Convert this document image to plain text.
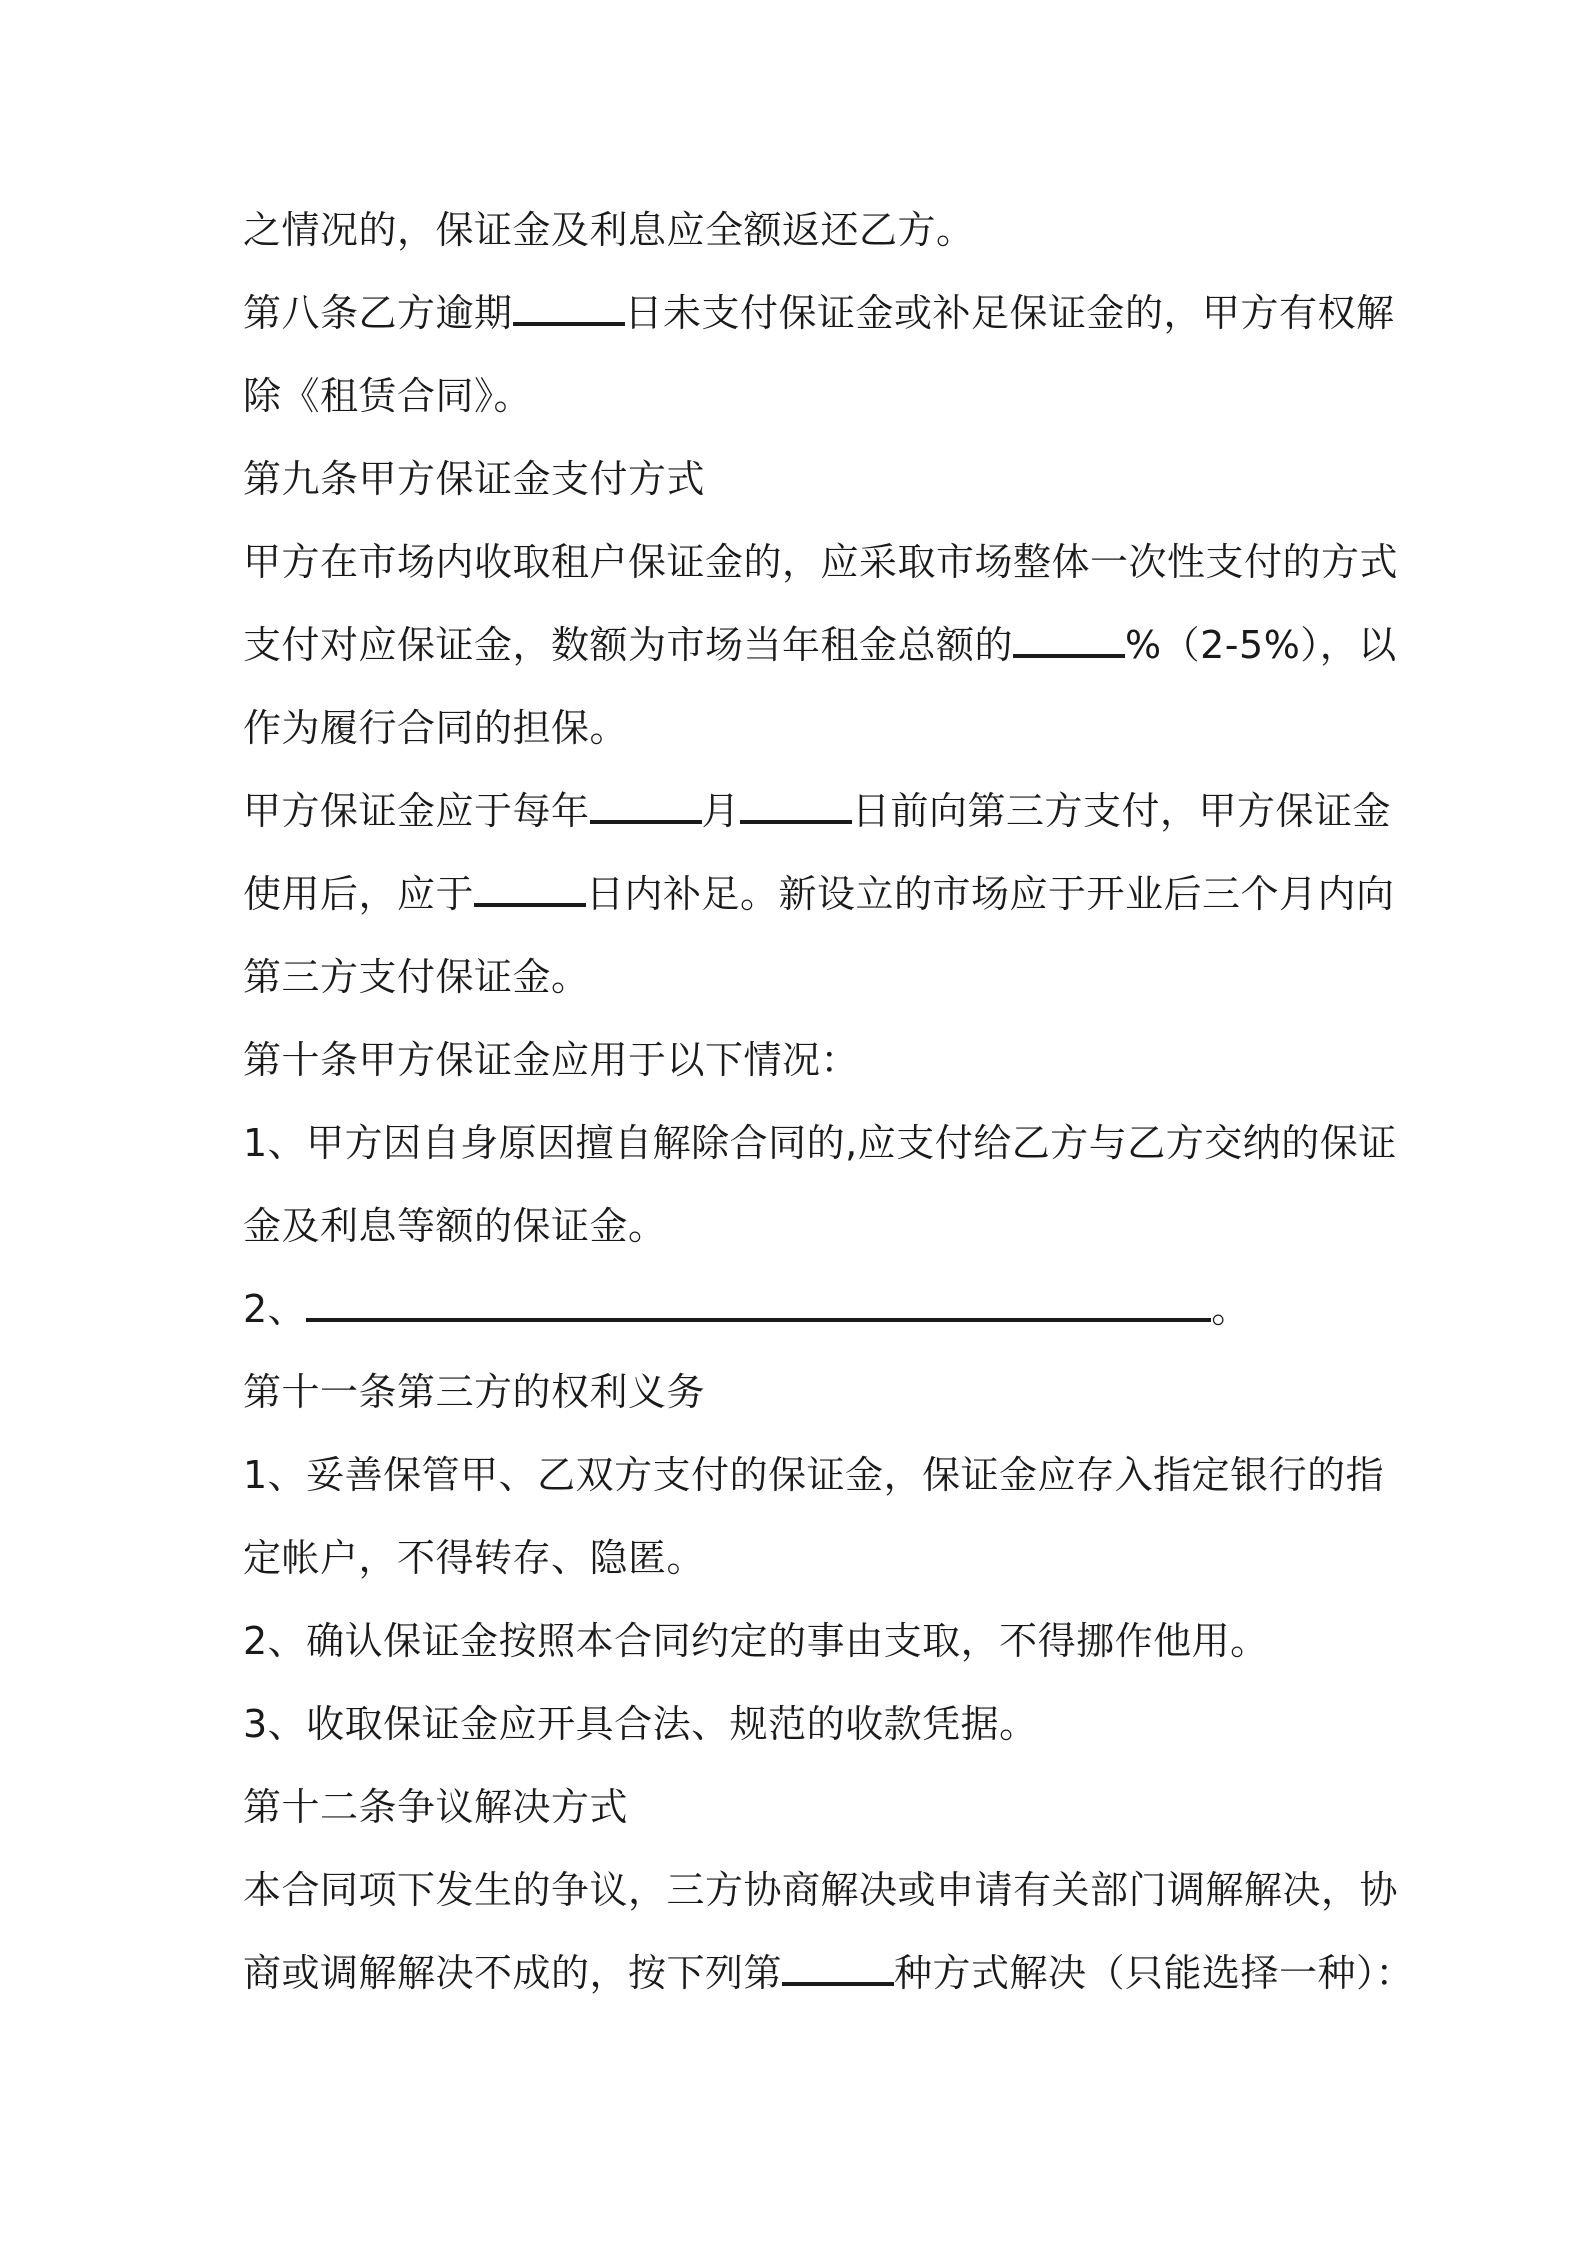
之情况的，保证金及利息应全额返还乙方。
第八条乙方逾期	日未支付保证金或补足保证金的，甲方有权解
除《租赁合同》。
第九条甲方保证金支付方式
甲方在市场内收取租户保证金的，应采取市场整体一次性支付的方式
支付对应保证金，数额为市场当年租金总额的	%（2-5%），以
作为履行合同的担保。
甲方保证金应于每年	月	日前向第三方支付，甲方保证金
使用后，应于	日内补足。新设立的市场应于开业后三个月内向
第三方支付保证金。
第十条甲方保证金应用于以下情况：
1、甲方因自身原因擅自解除合同的,应支付给乙方与乙方交纳的保证
金及利息等额的保证金。
2、	。
第十一条第三方的权利义务
1、妥善保管甲、乙双方支付的保证金，保证金应存入指定银行的指
定帐户，不得转存、隐匿。
2、确认保证金按照本合同约定的事由支取，不得挪作他用。
3、收取保证金应开具合法、规范的收款凭据。
第十二条争议解决方式
本合同项下发生的争议，三方协商解决或申请有关部门调解解决，协
商或调解解决不成的，按下列第	种方式解决（只能选择一种）：
